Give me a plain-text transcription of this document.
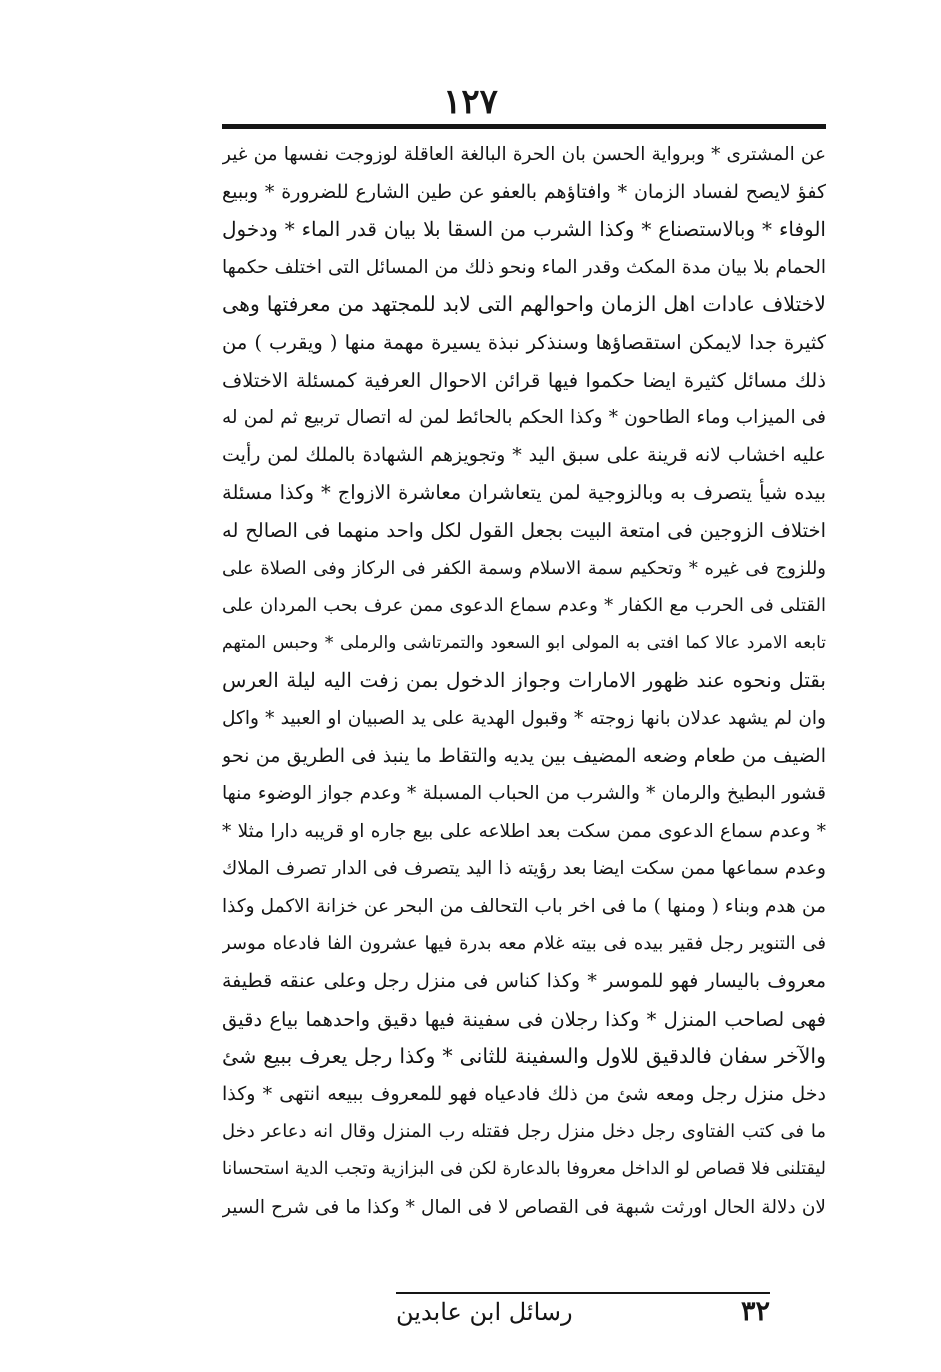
١٢٧
عن المشترى * وبرواية الحسن بان الحرة البالغة العاقلة لوزوجت نفسها من غير
كفؤ لايصح لفساد الزمان * وافتاؤهم بالعفو عن طين الشارع للضرورة * وببيع
الوفاء * وبالاستصناع * وكذا الشرب من السقا بلا بيان قدر الماء * ودخول
الحمام بلا بيان مدة المكث وقدر الماء ونحو ذلك من المسائل التى اختلف حكمها
لاختلاف عادات اهل الزمان واحوالهم التى لابد للمجتهد من معرفتها وهى
كثيرة جدا لايمكن استقصاؤها وسنذكر نبذة يسيرة مهمة منها ( ويقرب ) من
ذلك مسائل كثيرة ايضا حكموا فيها قرائن الاحوال العرفية كمسئلة الاختلاف
فى الميزاب وماء الطاحون * وكذا الحكم بالحائط لمن له اتصال تربيع ثم لمن له
عليه اخشاب لانه قرينة على سبق اليد * وتجويزهم الشهادة بالملك لمن رأيت
بيده شيأ يتصرف به وبالزوجية لمن يتعاشران معاشرة الازواج * وكذا مسئلة
اختلاف الزوجين فى امتعة البيت بجعل القول لكل واحد منهما فى الصالح له
وللزوج فى غيره * وتحكيم سمة الاسلام وسمة الكفر فى الركاز وفى الصلاة على
القتلى فى الحرب مع الكفار * وعدم سماع الدعوى ممن عرف بحب المردان على
تابعه الامرد عالا كما افتى به المولى ابو السعود والتمرتاشى والرملى * وحبس المتهم
بقتل ونحوه عند ظهور الامارات وجواز الدخول بمن زفت اليه ليلة العرس
وان لم يشهد عدلان بانها زوجته * وقبول الهدية على يد الصبيان او العبيد * واكل
الضيف من طعام وضعه المضيف بين يديه والتقاط ما ينبذ فى الطريق من نحو
قشور البطيخ والرمان * والشرب من الحباب المسبلة * وعدم جواز الوضوء منها
* وعدم سماع الدعوى ممن سكت بعد اطلاعه على بيع جاره او قريبه دارا مثلا *
وعدم سماعها ممن سكت ايضا بعد رؤيته ذا اليد يتصرف فى الدار تصرف الملاك
من هدم وبناء ( ومنها ) ما فى اخر باب التحالف من البحر عن خزانة الاكمل وكذا
فى التنوير رجل فقير بيده فى بيته غلام معه بدرة فيها عشرون الفا فادعاه موسر
معروف باليسار فهو للموسر * وكذا كناس فى منزل رجل وعلى عنقه قطيفة
فهى لصاحب المنزل * وكذا رجلان فى سفينة فيها دقيق واحدهما بياع دقيق
والآخر سفان فالدقيق للاول والسفينة للثانى * وكذا رجل يعرف ببيع شئ
دخل منزل رجل ومعه شئ من ذلك فادعياه فهو للمعروف ببيعه انتهى * وكذا
ما فى كتب الفتاوى رجل دخل منزل رجل فقتله رب المنزل وقال انه دعاعر دخل
ليقتلنى فلا قصاص لو الداخل معروفا بالدعارة لكن فى البزازية وتجب الدية استحسانا
لان دلالة الحال اورثت شبهة فى القصاص لا فى المال * وكذا ما فى شرح السير
٣٢
رسائل ابن عابدين
